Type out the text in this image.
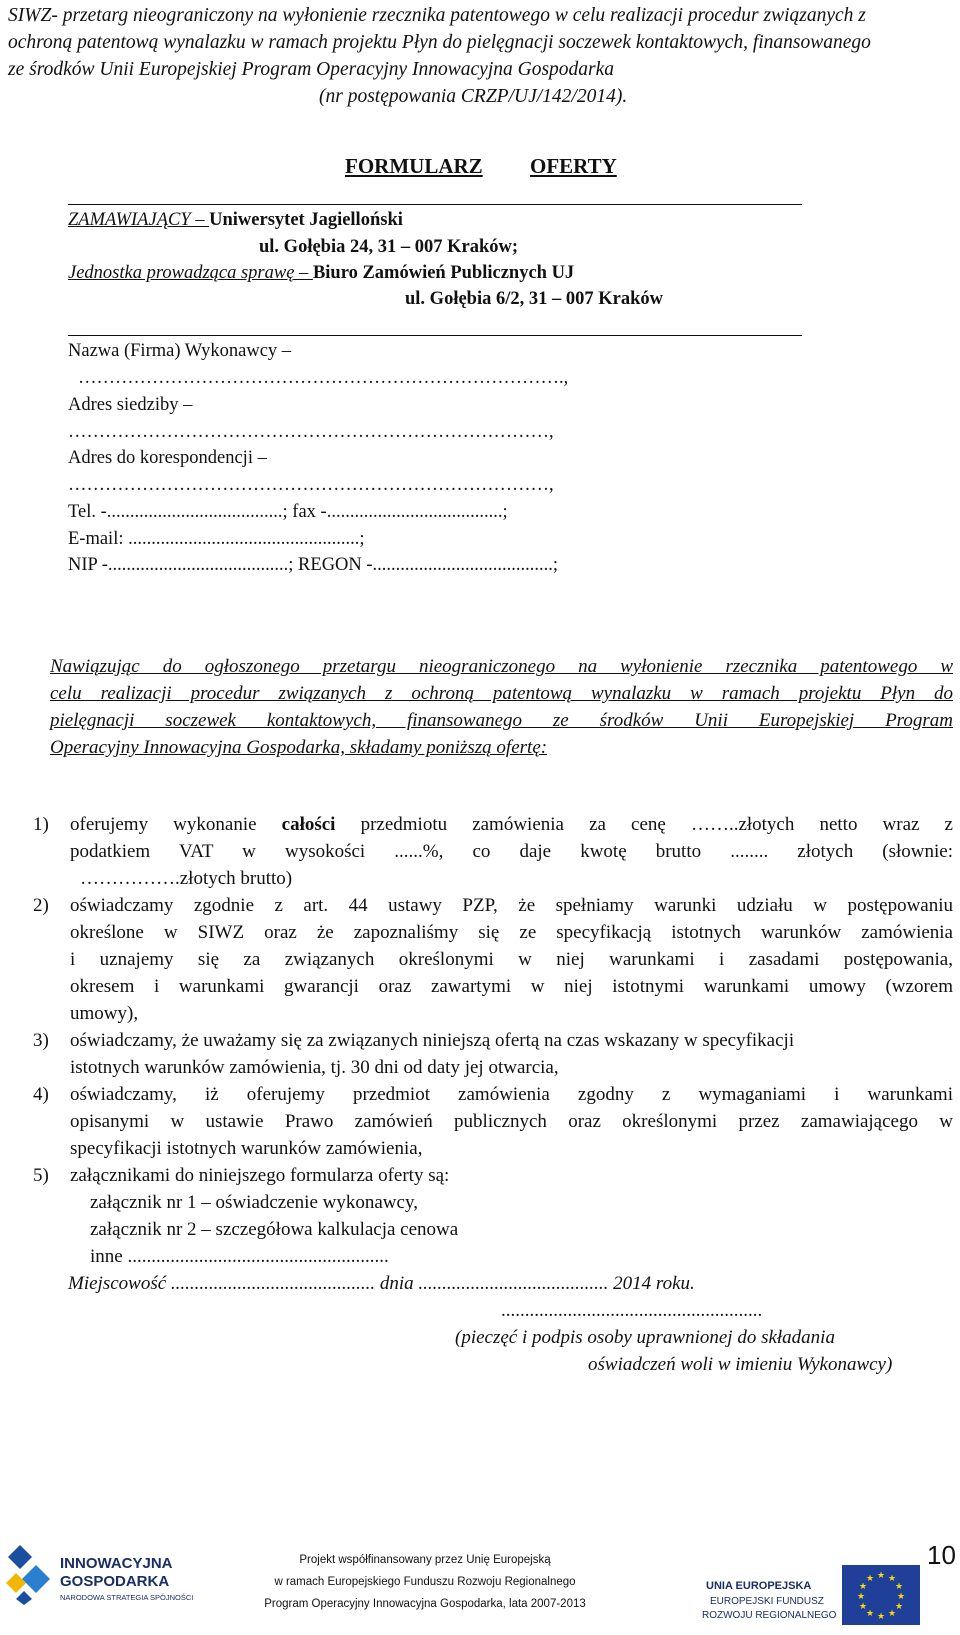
SIWZ- przetarg nieograniczony na wyłonienie rzecznika patentowego w celu realizacji procedur związanych z
ochroną patentową wynalazku w ramach projektu Płyn do pielęgnacji soczewek kontaktowych, finansowanego
ze środków Unii Europejskiej Program Operacyjny Innowacyjna Gospodarka
(nr postępowania CRZP/UJ/142/2014).
FORMULARZ OFERTY
ZAMAWIAJĄCY – Uniwersytet Jagielloński
ul. Gołębia 24, 31 – 007 Kraków;
Jednostka prowadząca sprawę – Biuro Zamówień Publicznych UJ
ul. Gołębia 6/2, 31 – 007 Kraków
Nazwa (Firma) Wykonawcy –
…………………………………………………………………….,
Adres siedziby –
……………………………………………………………………,
Adres do korespondencji –
……………………………………………………………………,
Tel. -......................................; fax -......................................;
E-mail: ..................................................;
NIP -.......................................; REGON -.......................................;
Nawiązując do ogłoszonego przetargu nieograniczonego na wyłonienie rzecznika patentowego w
celu realizacji procedur związanych z ochroną patentową wynalazku w ramach projektu Płyn do
pielęgnacji soczewek kontaktowych, finansowanego ze środków Unii Europejskiej Program
Operacyjny Innowacyjna Gospodarka, składamy poniższą ofertę:
1) oferujemy wykonanie całości przedmiotu zamówienia za cenę ……..złotych netto wraz z
podatkiem VAT w wysokości ......%, co daje kwotę brutto ........ złotych (słownie:
…………….złotych brutto)
2) oświadczamy zgodnie z art. 44 ustawy PZP, że spełniamy warunki udziału w postępowaniu
określone w SIWZ oraz że zapoznaliśmy się ze specyfikacją istotnych warunków zamówienia
i uznajemy się za związanych określonymi w niej warunkami i zasadami postępowania,
okresem i warunkami gwarancji oraz zawartymi w niej istotnymi warunkami umowy (wzorem
umowy),
3) oświadczamy, że uważamy się za związanych niniejszą ofertą na czas wskazany w specyfikacji
istotnych warunków zamówienia, tj. 30 dni od daty jej otwarcia,
4) oświadczamy, iż oferujemy przedmiot zamówienia zgodny z wymaganiami i warunkami
opisanymi w ustawie Prawo zamówień publicznych oraz określonymi przez zamawiającego w
specyfikacji istotnych warunków zamówienia,
5) załącznikami do niniejszego formularza oferty są:
załącznik nr 1 – oświadczenie wykonawcy,
załącznik nr 2 – szczegółowa kalkulacja cenowa
inne .......................................................
Miejscowość ........................................... dnia ........................................ 2014 roku.
.......................................................
(pieczęć i podpis osoby uprawnionej do składania
oświadczeń woli w imieniu Wykonawcy)
INNOWACYJNA
GOSPODARKA
NARODOWA STRATEGIA SPÓJNOŚCI
Projekt współfinansowany przez Unię Europejską
w ramach Europejskiego Funduszu Rozwoju Regionalnego
Program Operacyjny Innowacyjna Gospodarka, lata 2007-2013
UNIA EUROPEJSKA
EUROPEJSKI FUNDUSZ
ROZWOJU REGIONALNEGO
★ ★
★
★
★
★
★
★
★
★
★
★
10
